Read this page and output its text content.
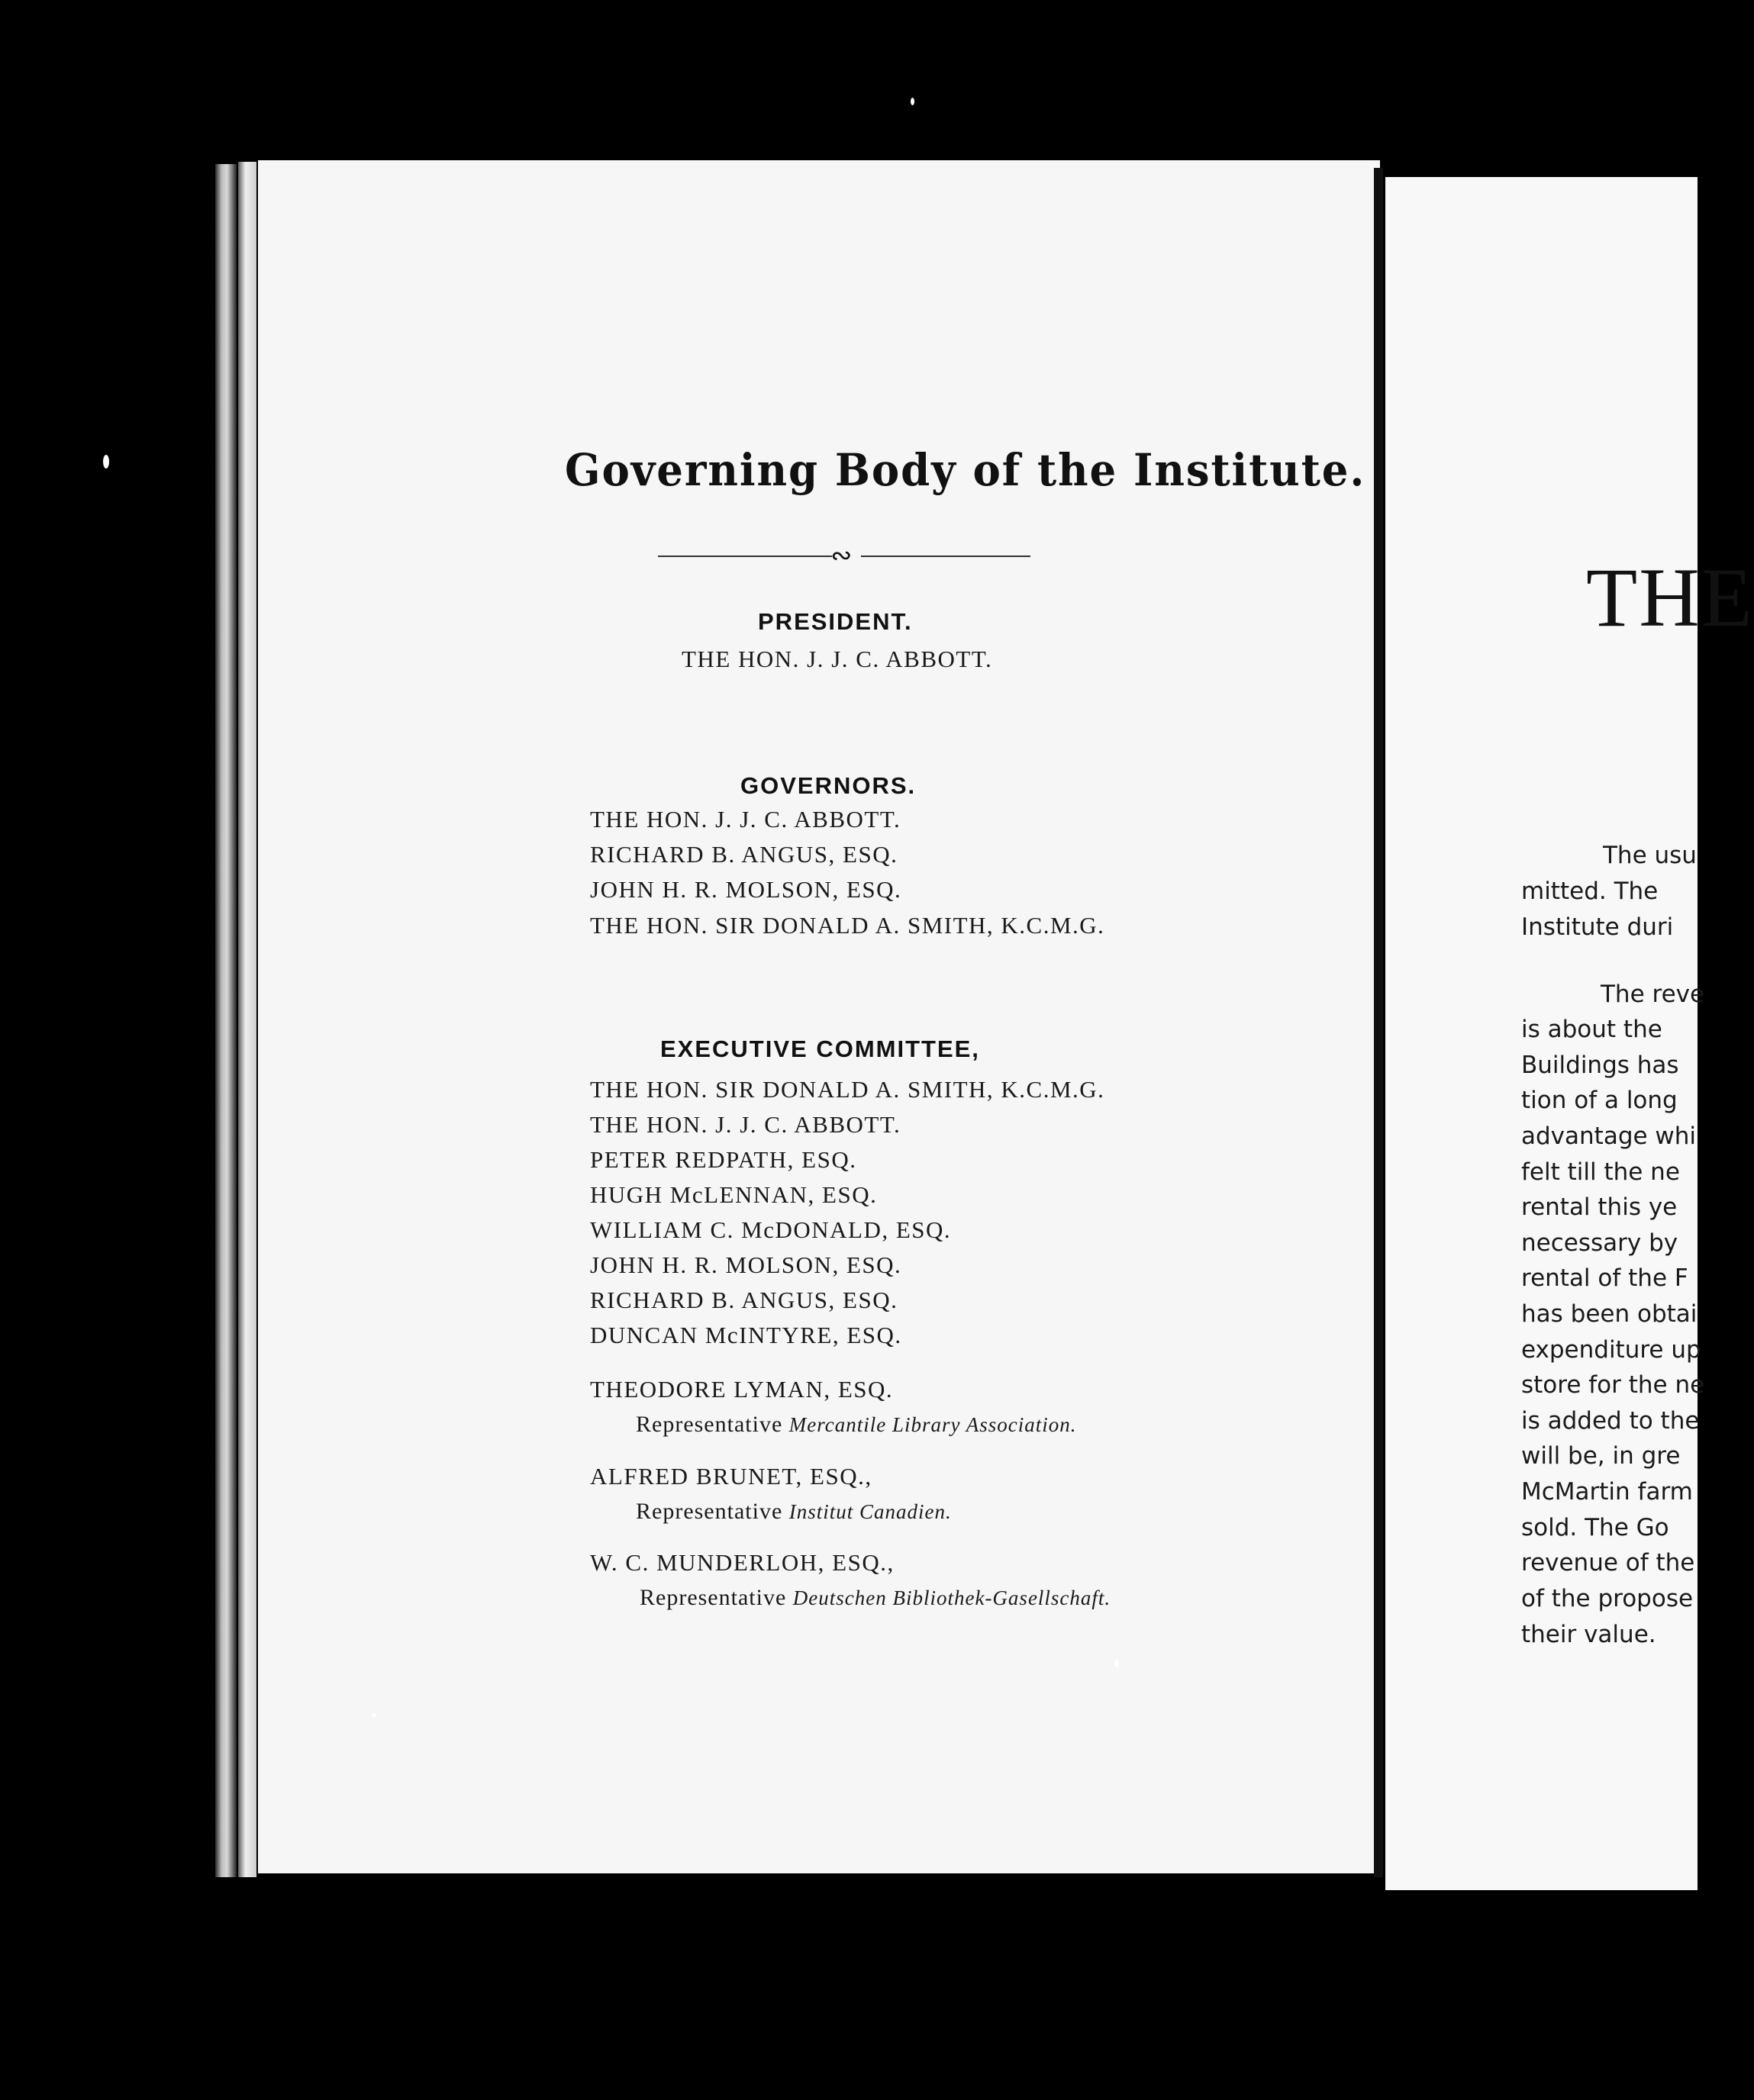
Governing Body of the Institute.
∾
PRESIDENT.
THE HON. J. J. C. ABBOTT.
GOVERNORS.
THE HON. J. J. C. ABBOTT.
RICHARD B. ANGUS, ESQ.
JOHN H. R. MOLSON, ESQ.
THE HON. SIR DONALD A. SMITH, K.C.M.G.
EXECUTIVE COMMITTEE,
THE HON. SIR DONALD A. SMITH, K.C.M.G.
THE HON. J. J. C. ABBOTT.
PETER REDPATH, ESQ.
HUGH McLENNAN, ESQ.
WILLIAM C. McDONALD, ESQ.
JOHN H. R. MOLSON, ESQ.
RICHARD B. ANGUS, ESQ.
DUNCAN McINTYRE, ESQ.
THEODORE LYMAN, ESQ.
Representative Mercantile Library Association.
ALFRED BRUNET, ESQ.,
Representative Institut Canadien.
W. C. MUNDERLOH, ESQ.,
Representative Deutschen Bibliothek-Gasellschaft.
THE
The usu
mitted. The
Institute duri
The reve
is about the
Buildings has
tion of a long
advantage whi
felt till the ne
rental this ye
necessary by
rental of the F
has been obtai
expenditure up
store for the ne
is added to the
will be, in gre
McMartin farm
sold. The Go
revenue of the
of the propose
their value.
